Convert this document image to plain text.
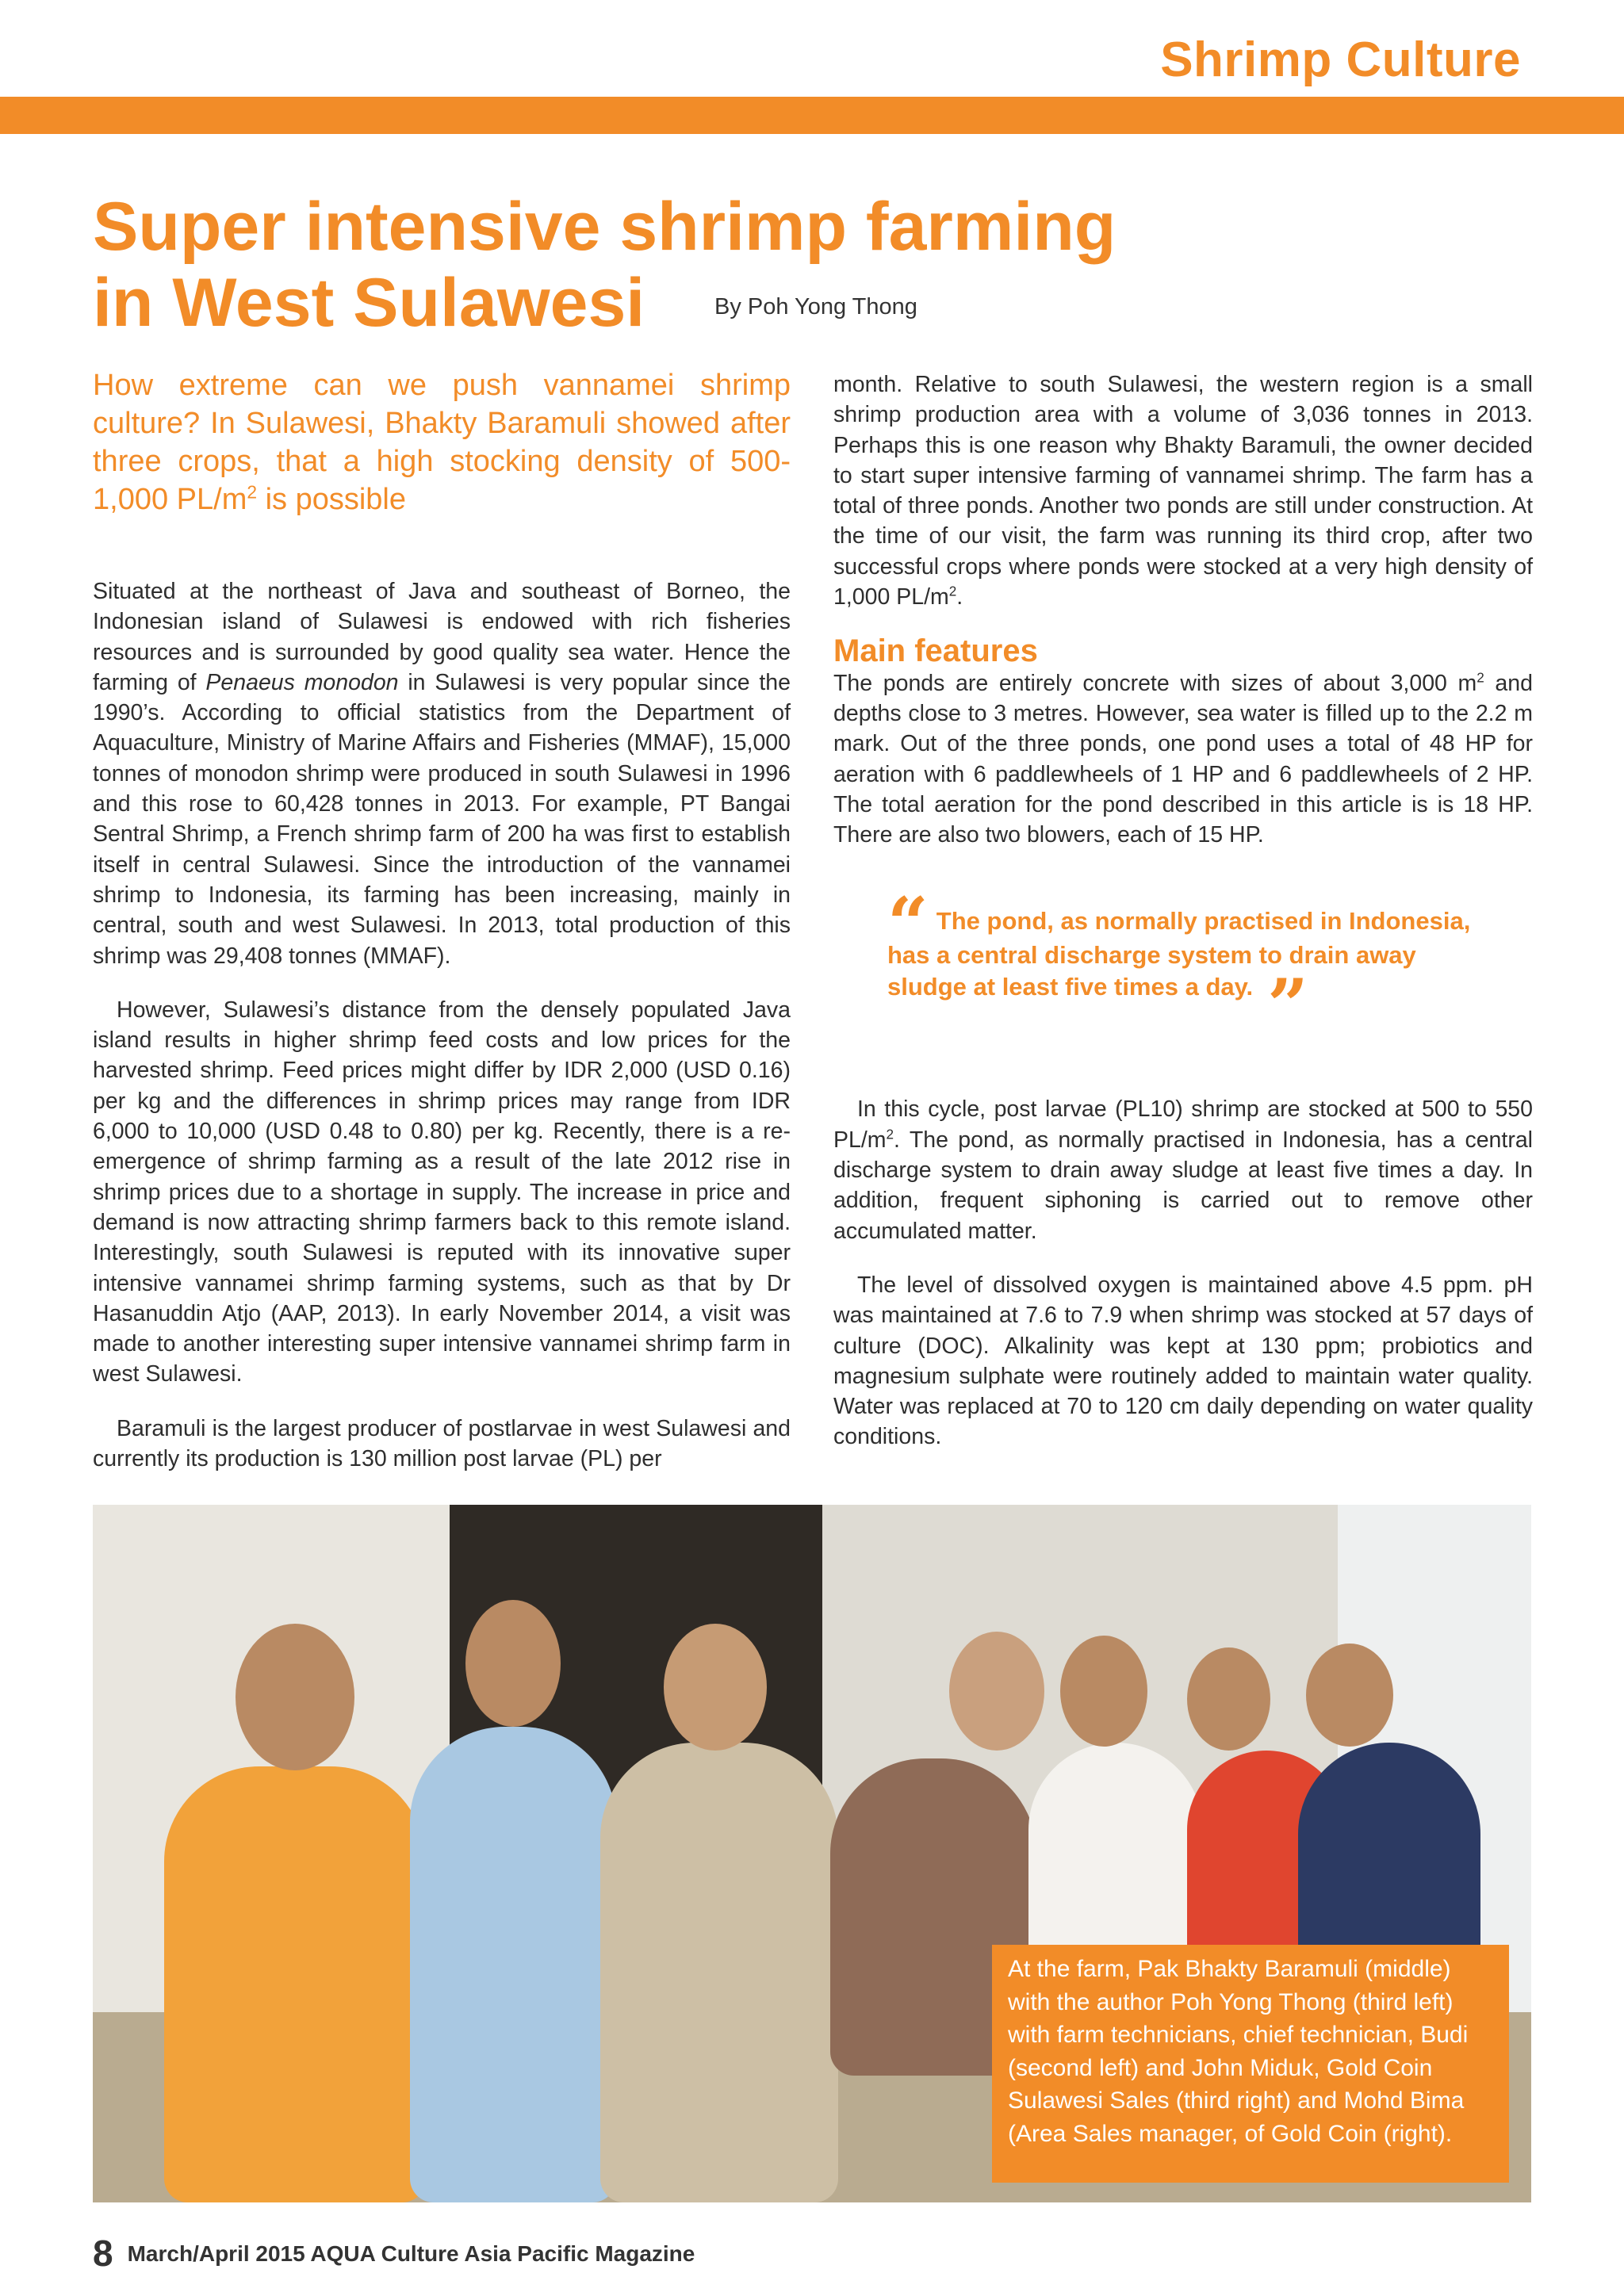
Shrimp Culture
Super intensive shrimp farming
in West Sulawesi	By Poh Yong Thong

How extreme can we push vannamei shrimp culture? In Sulawesi, Bhakty Baramuli showed after three crops, that a high stocking density of 500-1,000 $PL/m^2$ is possible

Situated at the northeast of Java and southeast of Borneo, the Indonesian island of Sulawesi is endowed with rich fisheries resources and is surrounded by good quality sea water. Hence the farming of Penaeus monodon in Sulawesi is very popular since the 1990’s. According to official statistics from the Department of Aquaculture, Ministry of Marine Affairs and Fisheries (MMAF), 15,000 tonnes of monodon shrimp were produced in south Sulawesi in 1996 and this rose to 60,428 tonnes in 2013. For example, PT Bangai Sentral Shrimp, a French shrimp farm of 200 ha was first to establish itself in central Sulawesi. Since the introduction of the vannamei shrimp to Indonesia, its farming has been increasing, mainly in central, south and west Sulawesi. In 2013, total production of this shrimp was 29,408 tonnes (MMAF).

However, Sulawesi’s distance from the densely populated Java island results in higher shrimp feed costs and low prices for the harvested shrimp. Feed prices might differ by IDR 2,000 (USD 0.16) per kg and the differences in shrimp prices may range from IDR 6,000 to 10,000 (USD 0.48 to 0.80) per kg. Recently, there is a re-emergence of shrimp farming as a result of the late 2012 rise in shrimp prices due to a shortage in supply. The increase in price and demand is now attracting shrimp farmers back to this remote island. Interestingly, south Sulawesi is reputed with its innovative super intensive vannamei shrimp farming systems, such as that by Dr Hasanuddin Atjo (AAP, 2013). In early November 2014, a visit was made to another interesting super intensive vannamei shrimp farm in west Sulawesi.

Baramuli is the largest producer of postlarvae in west Sulawesi and currently its production is 130 million post larvae (PL) per

month. Relative to south Sulawesi, the western region is a small shrimp production area with a volume of 3,036 tonnes in 2013. Perhaps this is one reason why Bhakty Baramuli, the owner decided to start super intensive farming of vannamei shrimp. The farm has a total of three ponds. Another two ponds are still under construction. At the time of our visit, the farm was running its third crop, after two successful crops where ponds were stocked at a very high density of 1,000 $PL/m^2$.

Main features

The ponds are entirely concrete with sizes of about 3,000 $m^2$ and depths close to 3 metres. However, sea water is filled up to the 2.2 m mark. Out of the three ponds, one pond uses a total of 48 HP for aeration with 6 paddlewheels of 1 HP and 6 paddlewheels of 2 HP. The total aeration for the pond described in this article is is 18 HP. There are also two blowers, each of 15 HP.

“ The pond, as normally practised in Indonesia, has a central discharge system to drain away sludge at least five times a day. ”

In this cycle, post larvae (PL10) shrimp are stocked at 500 to 550 $PL/m^2$. The pond, as normally practised in Indonesia, has a central discharge system to drain away sludge at least five times a day. In addition, frequent siphoning is carried out to remove other accumulated matter.

The level of dissolved oxygen is maintained above 4.5 ppm. pH was maintained at 7.6 to 7.9 when shrimp was stocked at 57 days of culture (DOC). Alkalinity was kept at 130 ppm; probiotics and magnesium sulphate were routinely added to maintain water quality. Water was replaced at 70 to 120 cm daily depending on water quality conditions.

At the farm, Pak Bhakty Baramuli (middle) with the author Poh Yong Thong (third left) with farm technicians, chief technician, Budi (second left) and John Miduk, Gold Coin Sulawesi Sales (third right) and Mohd Bima (Area Sales manager, of Gold Coin (right).
8 March/April 2015 AQUA Culture Asia Pacific Magazine
